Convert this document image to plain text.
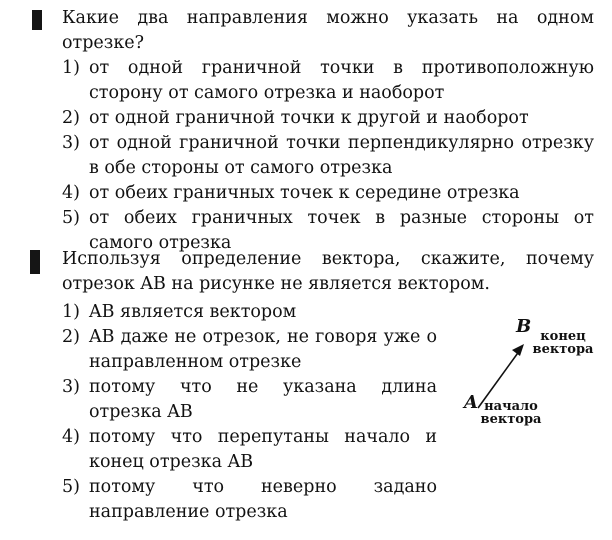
Какие два направления можно указать на одном отрезке?
1) от одной граничной точки в противоположную сторону от самого отрезка и наоборот
2) от одной граничной точки к другой и наоборот
3) от одной граничной точки перпендикулярно отрезку в обе стороны от самого отрезка
4) от обеих граничных точек к середине отрезка
5) от обеих граничных точек в разные стороны от самого отрезка
Используя определение вектора, скажите, почему отрезок AB на рисунке не является вектором.
1) AB является вектором
2) AB даже не отрезок, не говоря уже о направленном отрезке
3) потому что не указана длина отрезка AB
4) потому что перепутаны начало и конец отрезка AB
5) потому что неверно задано направление отрезка
B конец
вектора
A начало
вектора
